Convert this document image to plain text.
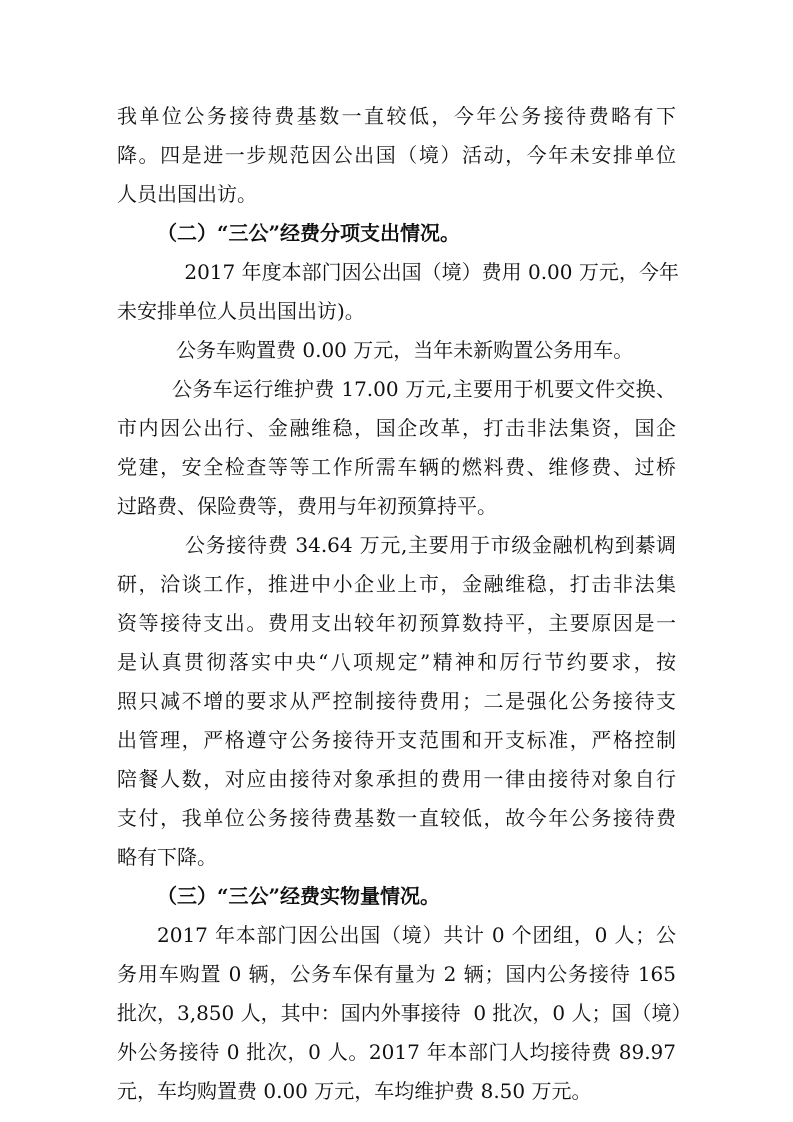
我单位公务接待费基数一直较低，今年公务接待费略有下
降。四是进一步规范因公出国（境）活动，今年未安排单位
人员出国出访。
（二）“三公”经费分项支出情况。
2017 年度本部门因公出国（境）费用 0.00 万元，今年
未安排单位人员出国出访)。
公务车购置费 0.00 万元，当年未新购置公务用车。
公务车运行维护费 17.00 万元,主要用于机要文件交换、
市内因公出行、金融维稳，国企改革，打击非法集资，国企
党建，安全检查等等工作所需车辆的燃料费、维修费、过桥
过路费、保险费等，费用与年初预算持平。
公务接待费 34.64 万元,主要用于市级金融机构到綦调
研，洽谈工作，推进中小企业上市，金融维稳，打击非法集
资等接待支出。费用支出较年初预算数持平，主要原因是一
是认真贯彻落实中央“八项规定”精神和厉行节约要求，按
照只减不增的要求从严控制接待费用；二是强化公务接待支
出管理，严格遵守公务接待开支范围和开支标准，严格控制
陪餐人数，对应由接待对象承担的费用一律由接待对象自行
支付，我单位公务接待费基数一直较低，故今年公务接待费
略有下降。
（三）“三公”经费实物量情况。
2017 年本部门因公出国（境）共计 0 个团组，0 人；公
务用车购置 0 辆，公务车保有量为 2 辆；国内公务接待 165
批次，3,850 人，其中：国内外事接待  0 批次，0 人；国（境）
外公务接待 0 批次，0 人。2017 年本部门人均接待费 89.97
元，车均购置费 0.00 万元，车均维护费 8.50 万元。
